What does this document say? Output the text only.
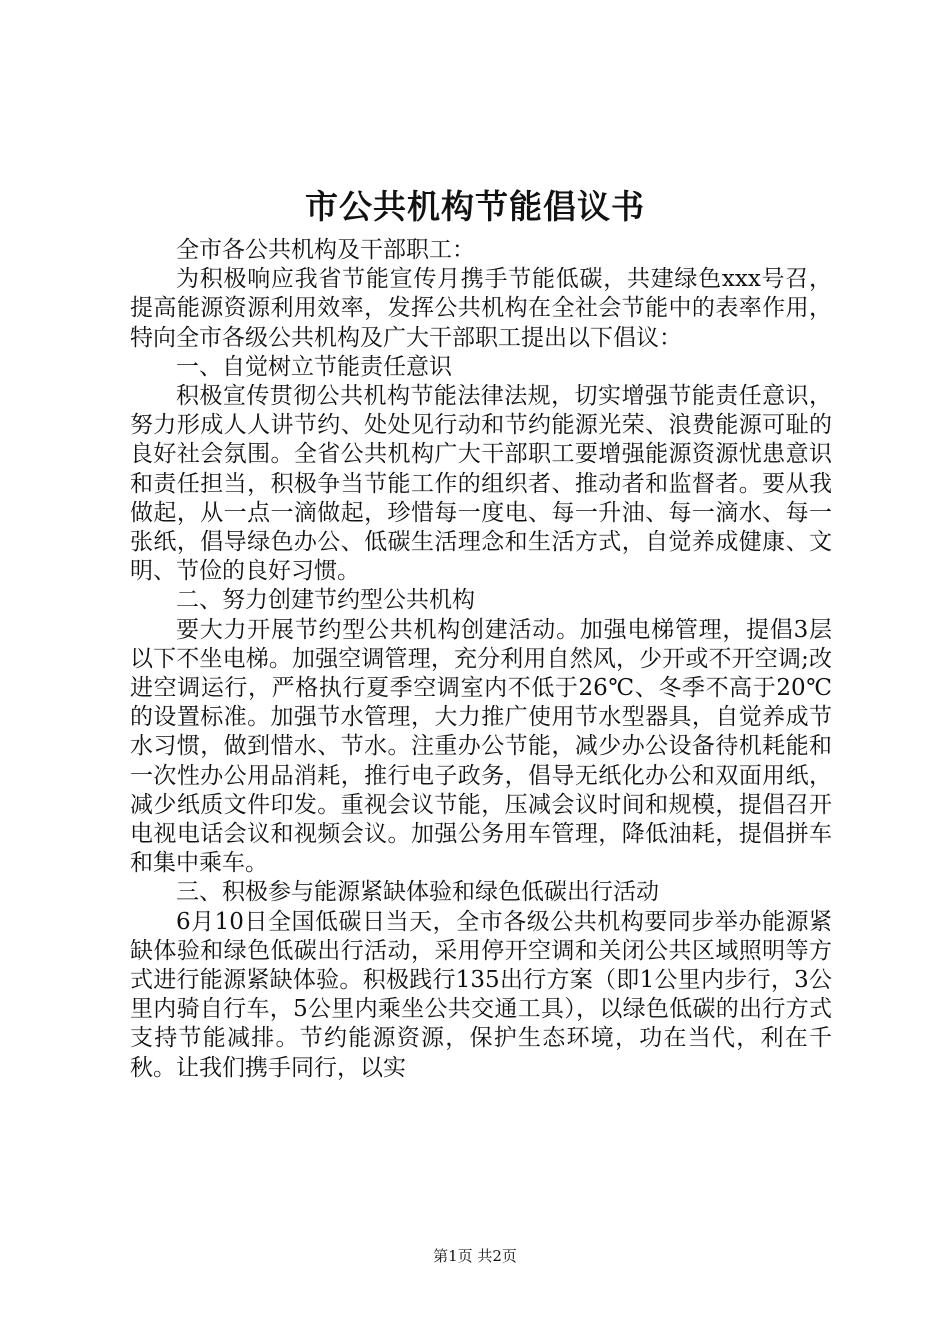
市公共机构节能倡议书

全市各公共机构及干部职工：

为积极响应我省节能宣传月携手节能低碳，共建绿色xxx号召，提高能源资源利用效率，发挥公共机构在全社会节能中的表率作用，特向全市各级公共机构及广大干部职工提出以下倡议：

一、自觉树立节能责任意识

积极宣传贯彻公共机构节能法律法规，切实增强节能责任意识，努力形成人人讲节约、处处见行动和节约能源光荣、浪费能源可耻的良好社会氛围。全省公共机构广大干部职工要增强能源资源忧患意识和责任担当，积极争当节能工作的组织者、推动者和监督者。要从我做起，从一点一滴做起，珍惜每一度电、每一升油、每一滴水、每一张纸，倡导绿色办公、低碳生活理念和生活方式，自觉养成健康、文明、节俭的良好习惯。

二、努力创建节约型公共机构

要大力开展节约型公共机构创建活动。加强电梯管理，提倡3层以下不坐电梯。加强空调管理，充分利用自然风，少开或不开空调;改进空调运行，严格执行夏季空调室内不低于26℃、冬季不高于20℃的设置标准。加强节水管理，大力推广使用节水型器具，自觉养成节水习惯，做到惜水、节水。注重办公节能，减少办公设备待机耗能和一次性办公用品消耗，推行电子政务，倡导无纸化办公和双面用纸，减少纸质文件印发。重视会议节能，压减会议时间和规模，提倡召开电视电话会议和视频会议。加强公务用车管理，降低油耗，提倡拼车和集中乘车。

三、积极参与能源紧缺体验和绿色低碳出行活动

6月10日全国低碳日当天，全市各级公共机构要同步举办能源紧缺体验和绿色低碳出行活动，采用停开空调和关闭公共区域照明等方式进行能源紧缺体验。积极践行135出行方案（即1公里内步行，3公里内骑自行车，5公里内乘坐公共交通工具），以绿色低碳的出行方式支持节能减排。节约能源资源，保护生态环境，功在当代，利在千秋。让我们携手同行，以实

第1页 共2页
